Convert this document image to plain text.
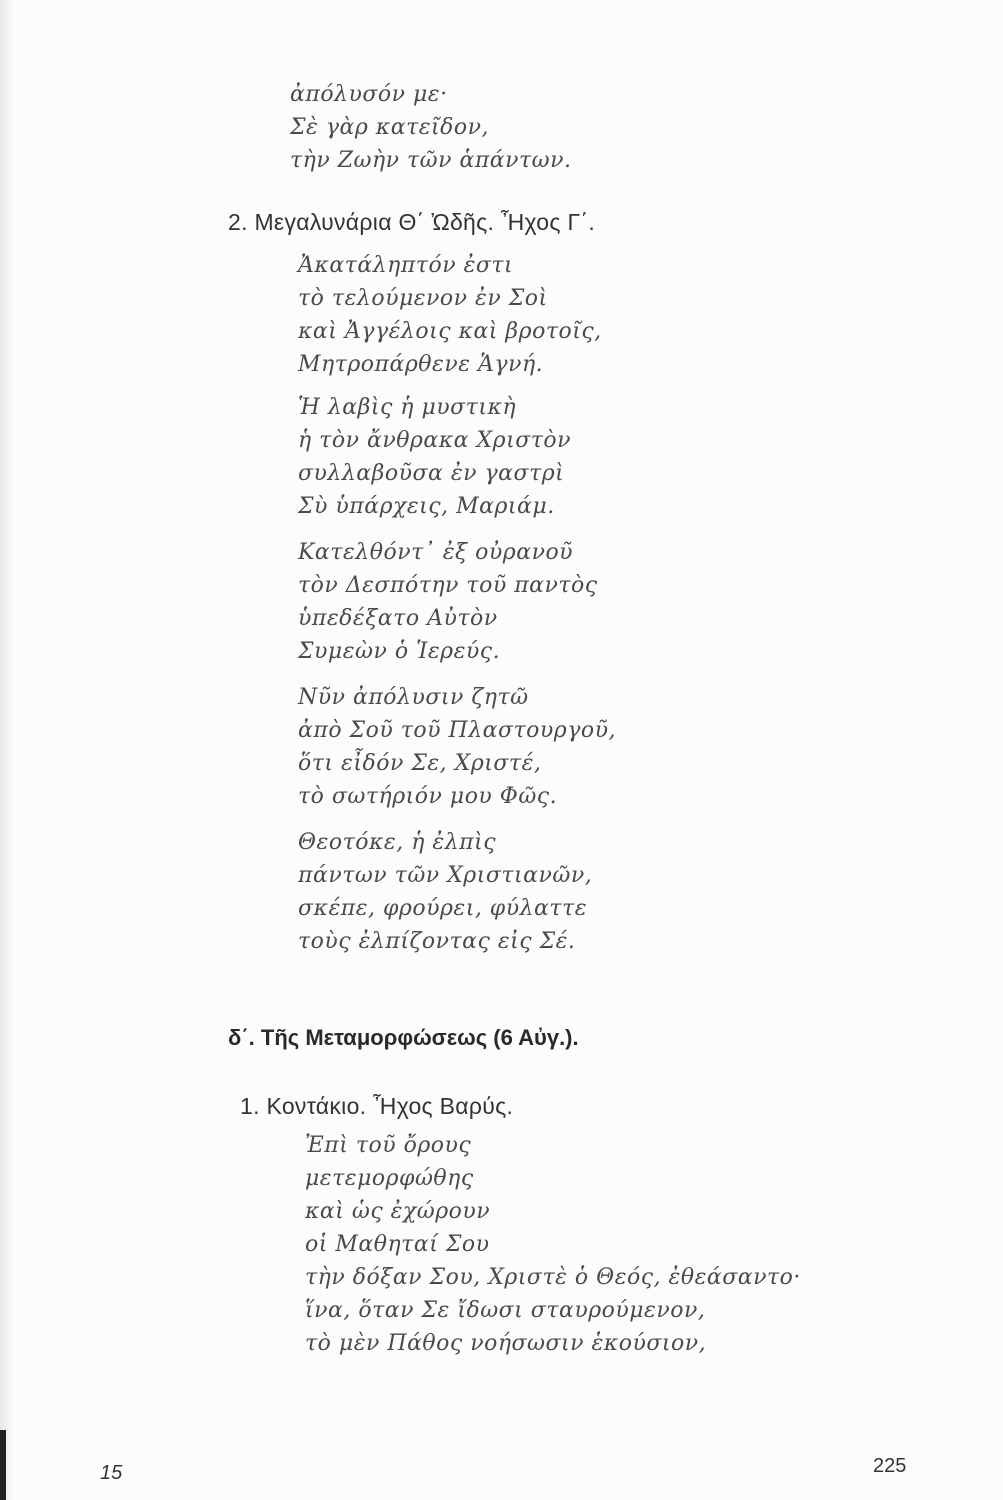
ἀπόλυσόν με·
Σὲ γὰρ κατεῖδον,
τὴν Ζωὴν τῶν ἁπάντων.
2. Μεγαλυνάρια Θ΄ Ὠδῆς. Ἦχος Γ΄.
Ἀκατάληπτόν ἐστι
τὸ τελούμενον ἐν Σοὶ
καὶ Ἀγγέλοις καὶ βροτοῖς,
Μητροπάρθενε Ἁγνή.
Ἡ λαβὶς ἡ μυστικὴ
ἡ τὸν ἄνθρακα Χριστὸν
συλλαβοῦσα ἐν γαστρὶ
Σὺ ὑπάρχεις, Μαριάμ.
Κατελθόντ᾽ ἐξ οὐρανοῦ
τὸν Δεσπότην τοῦ παντὸς
ὑπεδέξατο Αὐτὸν
Συμεὼν ὁ Ἱερεύς.
Νῦν ἀπόλυσιν ζητῶ
ἀπὸ Σοῦ τοῦ Πλαστουργοῦ,
ὅτι εἶδόν Σε, Χριστέ,
τὸ σωτήριόν μου Φῶς.
Θεοτόκε, ἡ ἐλπὶς
πάντων τῶν Χριστιανῶν,
σκέπε, φρούρει, φύλαττε
τοὺς ἐλπίζοντας εἰς Σέ.
δ΄. Τῆς Μεταμορφώσεως (6 Αὐγ.).
1. Κοντάκιο. Ἦχος Βαρύς.
Ἐπὶ τοῦ ὄρους
μετεμορφώθης
καὶ ὡς ἐχώρουν
οἱ Μαθηταί Σου
τὴν δόξαν Σου, Χριστὲ ὁ Θεός, ἐθεάσαντο·
ἵνα, ὅταν Σε ἴδωσι σταυρούμενον,
τὸ μὲν Πάθος νοήσωσιν ἑκούσιον,
15	225
